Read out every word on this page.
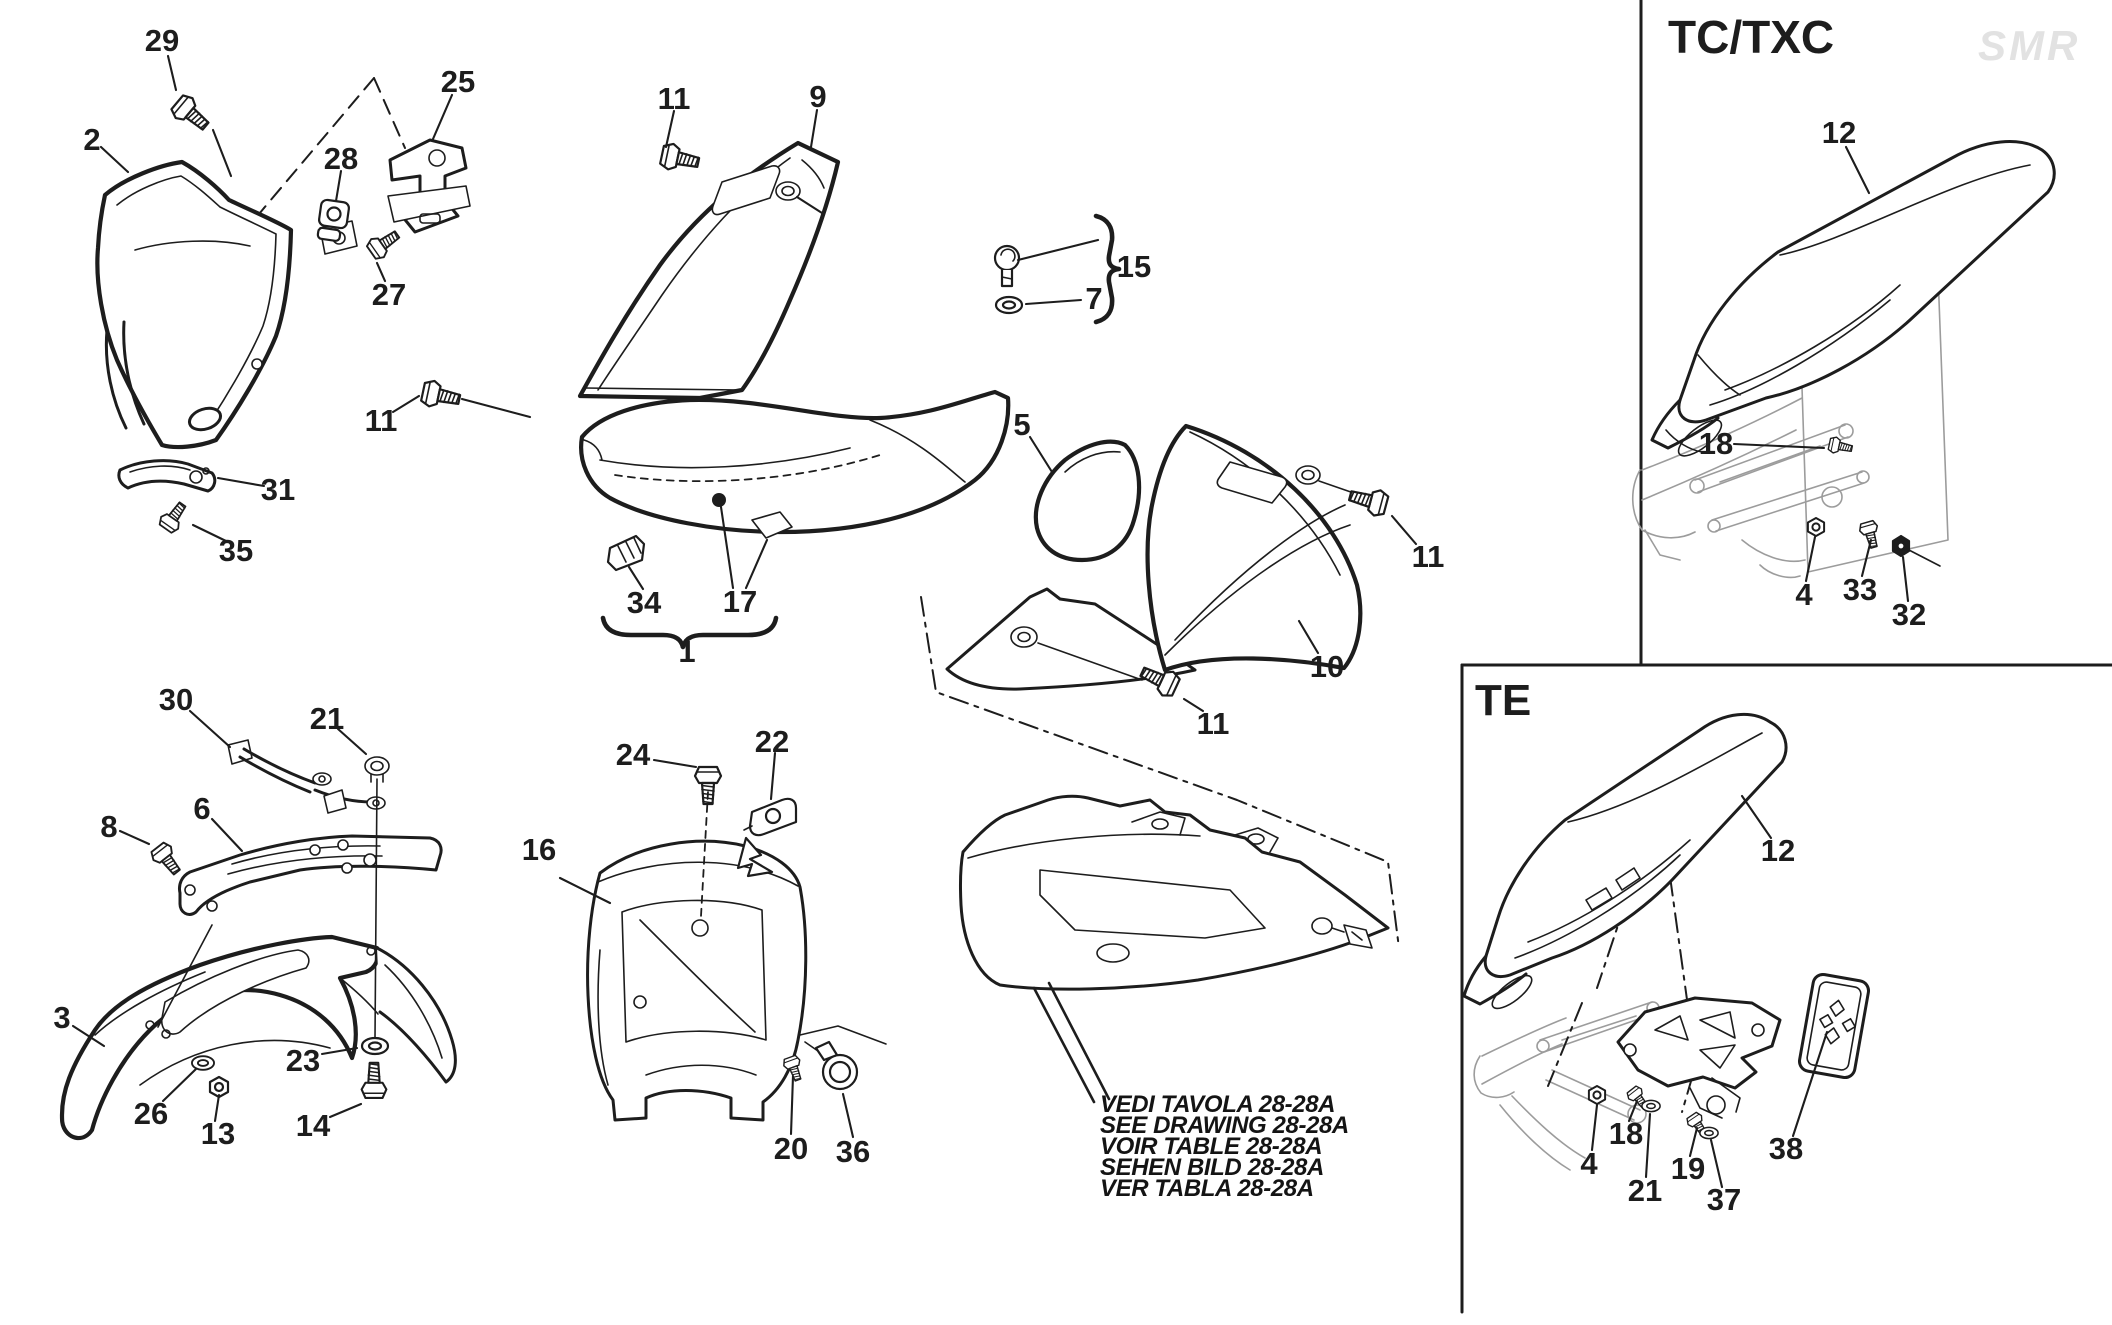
29
2
25
28
27
11	9
15
7
11
31
35
5
34 17
1	10
11
11
30
21
8
6
16
24	22
3
23
14
26
13	20 36
12
18
4 33
32
12
4
18
21
19
37
38
TC/TXC
TE
SMR
VEDI TAVOLA 28-28A
SEE DRAWING 28-28A
VOIR TABLE 28-28A
SEHEN BILD 28-28A
VER TABLA 28-28A
